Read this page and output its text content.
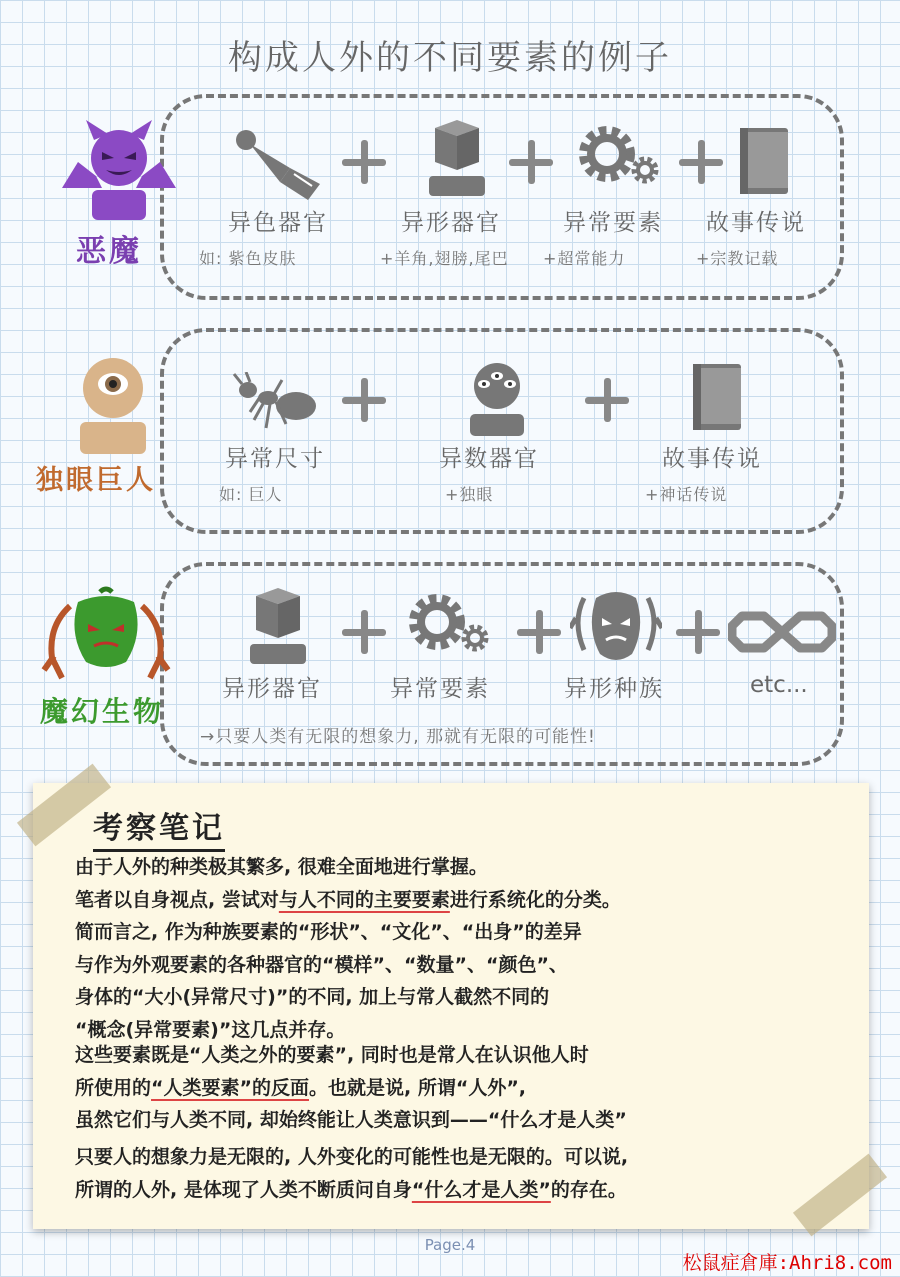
构成人外的不同要素的例子
恶魔
异色器官	异形器官	异常要素 故事传说
如: 紫色皮肤	+羊角,翅膀,尾巴 +超常能力	+宗教记载
独眼巨人
异常尺寸	异数器官	故事传说
如: 巨人	+独眼	+神话传说
魔幻生物
异形器官	异常要素	异形种族	etc...
→只要人类有无限的想象力, 那就有无限的可能性!
考察笔记
由于人外的种类极其繁多, 很难全面地进行掌握。
笔者以自身视点, 尝试对与人不同的主要要素进行系统化的分类。
简而言之, 作为种族要素的“形状”、“文化”、“出身”的差异
与作为外观要素的各种器官的“模样”、“数量”、“颜色”、
身体的“大小(异常尺寸)”的不同, 加上与常人截然不同的
“概念(异常要素)”这几点并存。
这些要素既是“人类之外的要素”, 同时也是常人在认识他人时
所使用的“人类要素”的反面。也就是说, 所谓“人外”,
虽然它们与人类不同, 却始终能让人类意识到——“什么才是人类”
只要人的想象力是无限的, 人外变化的可能性也是无限的。可以说,
所谓的人外, 是体现了人类不断质问自身“什么才是人类”的存在。
Page.4
松鼠症倉庫:Ahri8.com
